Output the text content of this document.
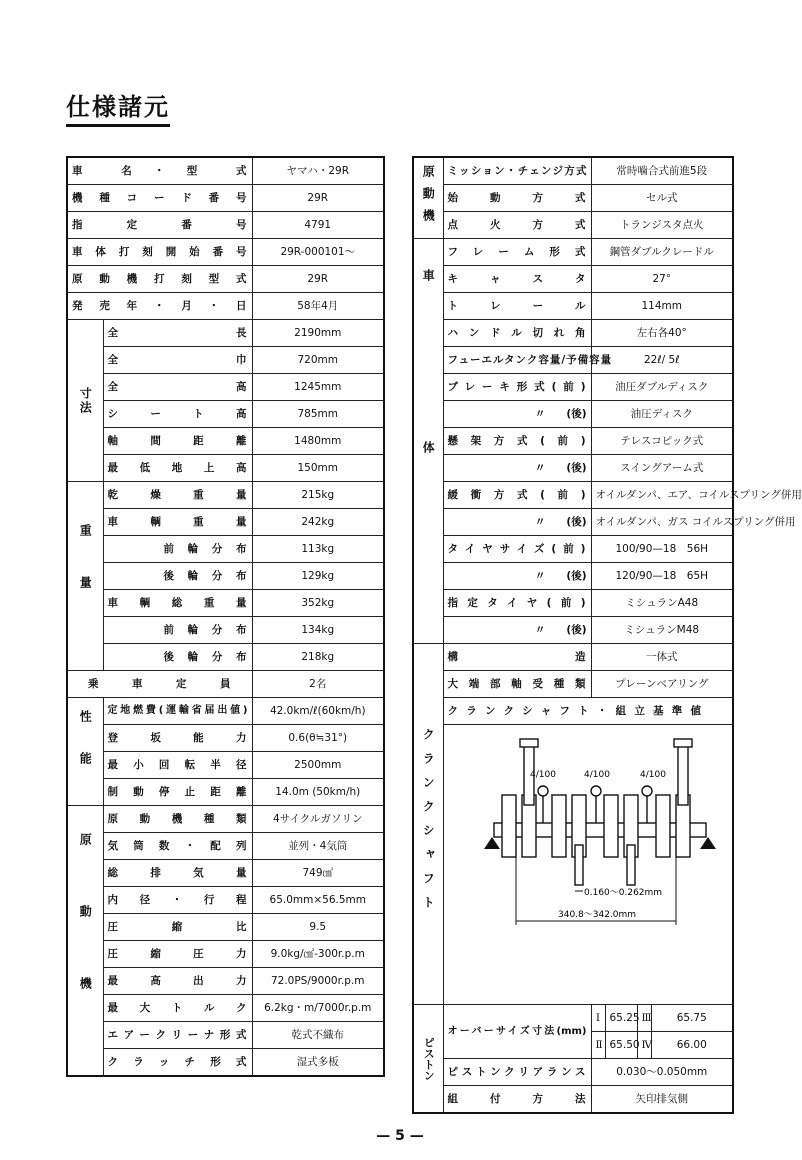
仕様諸元
車　　名　・　型　　式		ヤマハ・29R
機種コード番号		29R
指　　定　　番　　号		4791
車体打刻開始番号		29R-000101〜
原動機打刻型式		29R
発売年・月・日		58年4月

寸法	全　長	2190mm
	全　巾	720mm
	全　高	1245mm
	シート高	785mm
	軸間距離	1480mm
	最低地上高	150mm

重量	乾燥重量	215kg
	車輌重量	242kg
	前輪分布	113kg
	後輪分布	129kg
	車輌総重量	352kg
	前輪分布	134kg
	後輪分布	218kg
乗　車　定　員		2名

性能	定地燃費(運輸省届出値)	42.0km/ℓ(60km/h)
	登坂能力	0.6(θ≒31°)
	最小回転半径	2500mm
	制動停止距離	14.0m (50km/h)

原動機	原動機種類	4サイクルガソリン
	気筒数・配列	並列・4気筒
	総排気量	749㎤
	内径・行程	65.0mm×56.5mm
	圧縮比	9.5
	圧縮圧力	9.0kg/㎠-300r.p.m
	最高出力	72.0PS/9000r.p.m
	最大トルク	6.2kg・m/7000r.p.m
	エアークリーナ形式	乾式不織布
	クラッチ形式	湿式多板
原動機	ミッション・チェンジ方式	常時噛合式前進5段			
	始　動　方　式	セル式			
	点　火　方　式	トランジスタ点火			

車体	フレーム形式	鋼管ダブルクレードル			
	キャスタ	27°			
	トレール	114mm			
	ハンドル切れ角	左右各40°			
	フューエルタンク容量/予備容量	22ℓ/ 5ℓ			
	ブレーキ形式(前)	油圧ダブルディスク			
	〃　　(後)	油圧ディスク			
	懸架方式(前)	テレスコピック式			
	〃　　(後)	スイングアーム式			
	緩衝方式(前)	オイルダンパ、エア、コイルスプリング併用			
	〃　　(後)	オイルダンパ、ガス コイルスプリング併用			
	タイヤサイズ(前)	100/90—18　56H			
	〃　　(後)	120/90—18　65H			
	指定タイヤ(前)	ミシュランA48			
	〃　　(後)	ミシュランM48			

クランクシャフト	構　　造	一体式			
	大端部軸受種類	プレーンベアリング			
	クランクシャフト・組立基準値				

4/100 4/100 4/100
0.160〜0.262mm
340.8〜342.0mm				

ピストン	オーバーサイズ寸法(mm)	Ⅰ	65.25	Ⅲ	65.75
		Ⅱ	65.50	Ⅳ	66.00
	ピストンクリアランス	0.030〜0.050mm			
	組　付　方　法	矢印排気側			
— 5 —
